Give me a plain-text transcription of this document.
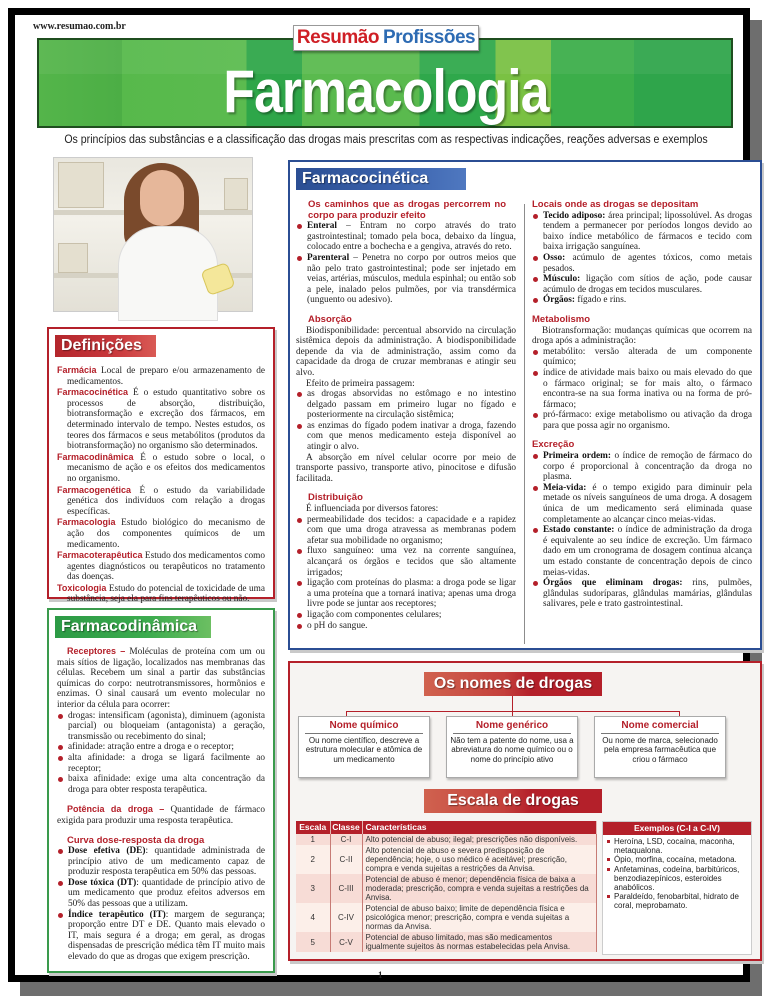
www.resumao.com.br
Resumão Profissões
Farmacologia
Os princípios das substâncias e a classificação das drogas mais prescritas com as respectivas indicações, reações adversas e exemplos
Definições

Farmácia Local de preparo e/ou armazenamento de medicamentos.

Farmacocinética É o estudo quantitativo sobre os processos de absorção, distribuição, biotransformação e excreção dos fármacos, em determinado intervalo de tempo. Nestes estudos, os teores dos fármacos e seus metabólitos (produtos da biotransformação) no organismo são determinados.

Farmacodinâmica É o estudo sobre o local, o mecanismo de ação e os efeitos dos medicamentos no organismo.

Farmacogenética É o estudo da variabilidade genética dos indivíduos com relação a drogas específicas.

Farmacologia Estudo biológico do mecanismo de ação dos componentes químicos de um medicamento.

Farmacoterapêutica Estudo dos medicamentos como agentes diagnósticos ou terapêuticos no tratamento das doenças.

Toxicologia Estudo do potencial de toxicidade de uma substância, seja ela para fins terapêuticos ou não.

Farmacodinâmica

Receptores – Moléculas de proteína com um ou mais sítios de ligação, localizados nas membranas das células. Recebem um sinal a partir das substâncias químicas do corpo: neutrotransmissores, hormônios e enzimas. O sinal causará um evento molecular no interior da célula para ocorrer:

drogas: intensificam (agonista), diminuem (agonista parcial) ou bloqueiam (antagonista) a geração, transmissão ou recebimento do sinal;
afinidade: atração entre a droga e o receptor;
alta afinidade: a droga se ligará facilmente ao receptor;
baixa afinidade: exige uma alta concentração da droga para obter resposta terapêutica.

Potência da droga – Quantidade de fármaco exigida para produzir uma resposta terapêutica.

Curva dose-resposta da droga
Dose efetiva (DE): quantidade administrada de princípio ativo de um medicamento capaz de produzir resposta terapêutica em 50% das pessoas.
Dose tóxica (DT): quantidade de princípio ativo de um medicamento que produz efeitos adversos em 50% das pessoas que a utilizam.
Índice terapêutico (IT): margem de segurança; proporção entre DT e DE. Quanto mais elevado o IT, mais segura é a droga; em geral, as drogas dispensadas de prescrição médica têm IT muito mais elevado do que as drogas que exigem prescrição.
Farmacocinética
Os caminhos que as drogas percorrem no corpo para produzir efeito
Enteral – Entram no corpo através do trato gastrointestinal; tomado pela boca, debaixo da língua, colocado entre a bochecha e a gengiva, através do reto.
Parenteral – Penetra no corpo por outros meios que não pelo trato gastrointestinal; pode ser injetado em veias, artérias, músculos, medula espinhal; ou então sob a pele, inalado pelos pulmões, por via transdérmica (unguento ou adesivo).
Absorção

Biodisponibilidade: percentual absorvido na circulação sistêmica depois da administração. A biodisponibilidade depende da via de administração, assim como da capacidade da droga de cruzar membranas e atingir seu alvo.

Efeito de primeira passagem:

as drogas absorvidas no estômago e no intestino delgado passam em primeiro lugar no fígado e posteriormente na circulação sistêmica;
as enzimas do fígado podem inativar a droga, fazendo com que menos medicamento esteja disponível ao atingir o alvo.

A absorção em nível celular ocorre por meio de transporte passivo, transporte ativo, pinocitose e difusão facilitada.

Distribuição

É influenciada por diversos fatores:

permeabilidade dos tecidos: a capacidade e a rapidez com que uma droga atravessa as membranas podem afetar sua mobilidade no organismo;
fluxo sanguíneo: uma vez na corrente sanguínea, alcançará os órgãos e tecidos que são altamente irrigados;
ligação com proteínas do plasma: a droga pode se ligar a uma proteína que a tornará inativa; apenas uma droga livre pode se juntar aos receptores;
ligação com componentes celulares;
o pH do sangue.
Locais onde as drogas se depositam
Tecido adiposo: área principal; lipossolúvel. As drogas tendem a permanecer por períodos longos devido ao baixo índice metabólico de fármacos e tecido com baixa irrigação sanguínea.
Osso: acúmulo de agentes tóxicos, como metais pesados.
Músculo: ligação com sítios de ação, pode causar acúmulo de drogas em tecidos musculares.
Órgãos: fígado e rins.
Metabolismo

Biotransformação: mudanças químicas que ocorrem na droga após a administração:

metabólito: versão alterada de um componente químico;
índice de atividade mais baixo ou mais elevado do que o fármaco original; se for mais alto, o fármaco encontra-se na sua forma inativa ou na forma de pró-fármaco;
pró-fármaco: exige metabolismo ou ativação da droga para que possa agir no organismo.
Excreção
Primeira ordem: o índice de remoção de fármaco do corpo é proporcional à concentração da droga no plasma.
Meia-vida: é o tempo exigido para diminuir pela metade os níveis sanguíneos de uma droga. A dosagem única de um medicamento será eliminada quase completamente ao alcançar cinco meias-vidas.
Estado constante: o índice de administração da droga é equivalente ao seu índice de excreção. Um fármaco dado em um cronograma de dosagem contínua alcança um estado constante de concentração depois de cinco meias-vidas.
Órgãos que eliminam drogas: rins, pulmões, glândulas sudoríparas, glândulas mamárias, glândulas salivares, pele e trato gastrointestinal.
Os nomes de drogas
Nome químico
Ou nome científico, descreve a estrutura molecular e atômica de um medicamento
Nome genérico
Não tem a patente do nome, usa a abreviatura do nome químico ou o nome do princípio ativo
Nome comercial
Ou nome de marca, selecionado pela empresa farmacêutica que criou o fármaco
Escala de drogas
Escala	Classe	Características
1	C-I	Alto potencial de abuso; ilegal; prescrições não disponíveis.
2	C-II	Alto potencial de abuso e severa predisposição de dependência; hoje, o uso médico é aceitável; prescrição, compra e venda sujeitas a restrições da Anvisa.
3	C-III	Potencial de abuso é menor; dependência física de baixa a moderada; prescrição, compra e venda sujeitas a restrições da Anvisa.
4	C-IV	Potencial de abuso baixo; limite de dependência física e psicológica menor; prescrição, compra e venda sujeitas a normas da Anvisa.
5	C-V	Potencial de abuso limitado, mas são medicamentos igualmente sujeitos às normas estabelecidas pela Anvisa.
Exemplos (C-I a C-IV)
Heroína, LSD, cocaína, maconha, metaqualona.
Ópio, morfina, cocaína, metadona.
Anfetaminas, codeína, barbitúricos, benzodiazepínicos, esteroides anabólicos.
Paraldeído, fenobarbital, hidrato de coral, meprobamato.
1
